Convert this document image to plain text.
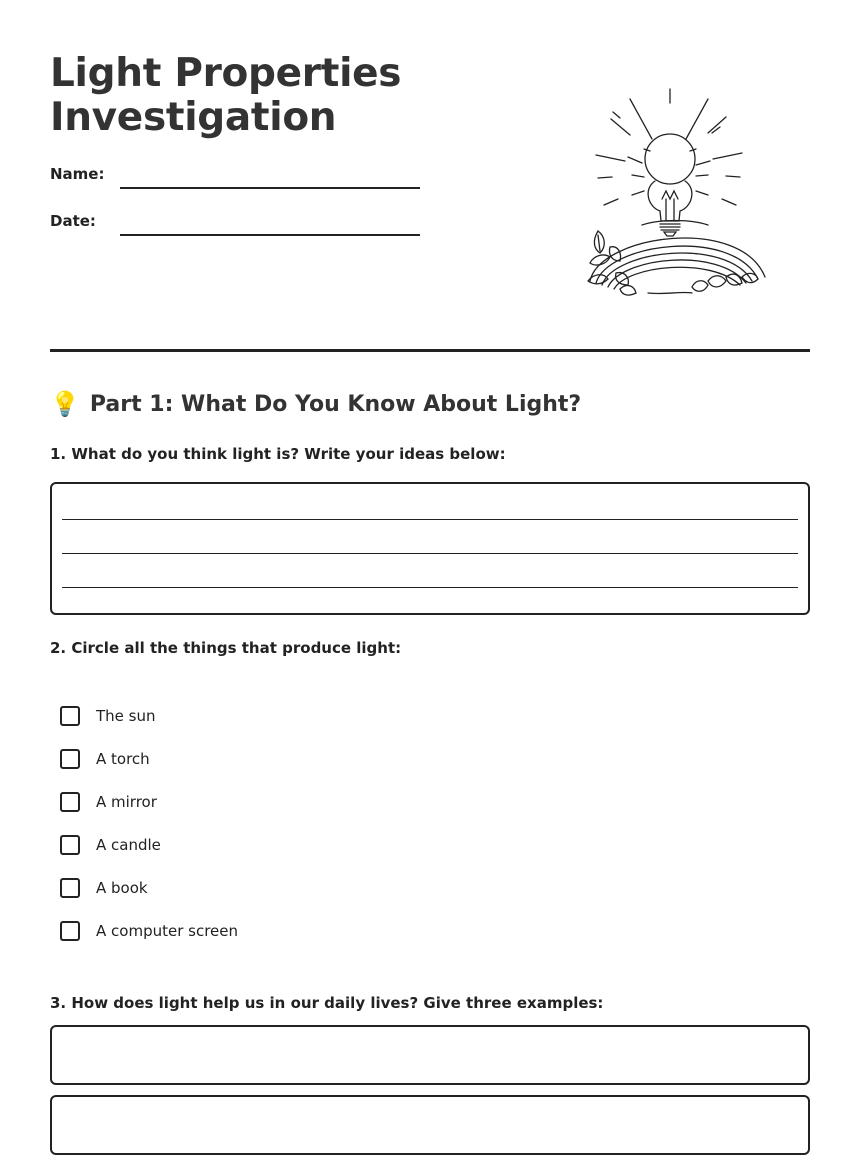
Light Properties
Investigation
Name:
Date:
💡 Part 1: What Do You Know About Light?

1. What do you think light is? Write your ideas below:

2. Circle all the things that produce light:

The sun
A torch
A mirror
A candle
A book
A computer screen

3. How does light help us in our daily lives? Give three examples:
